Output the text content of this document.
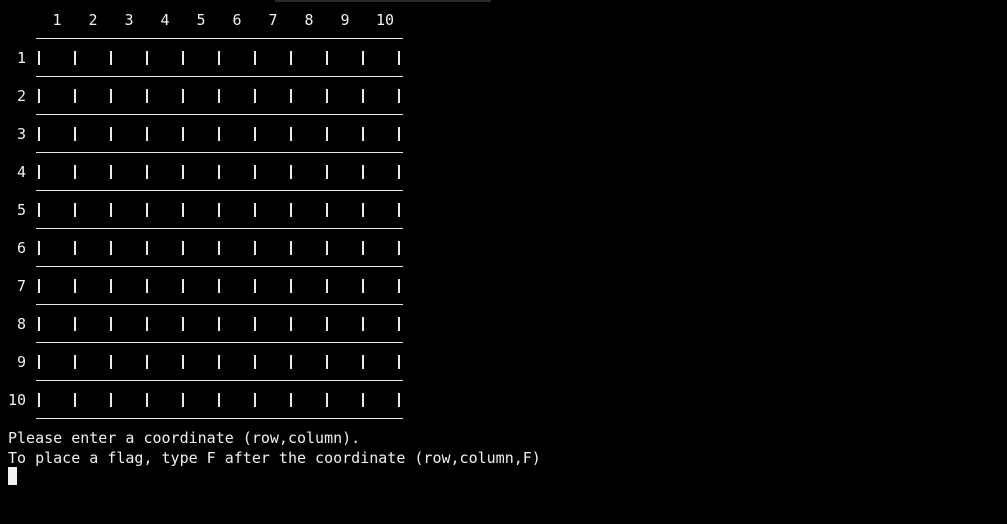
1	2	3	4	5	6	7	8	9	10
1
2
3
4
5
6
7
8
9
10
Please enter a coordinate (row,column).
To place a flag, type F after the coordinate (row,column,F)
